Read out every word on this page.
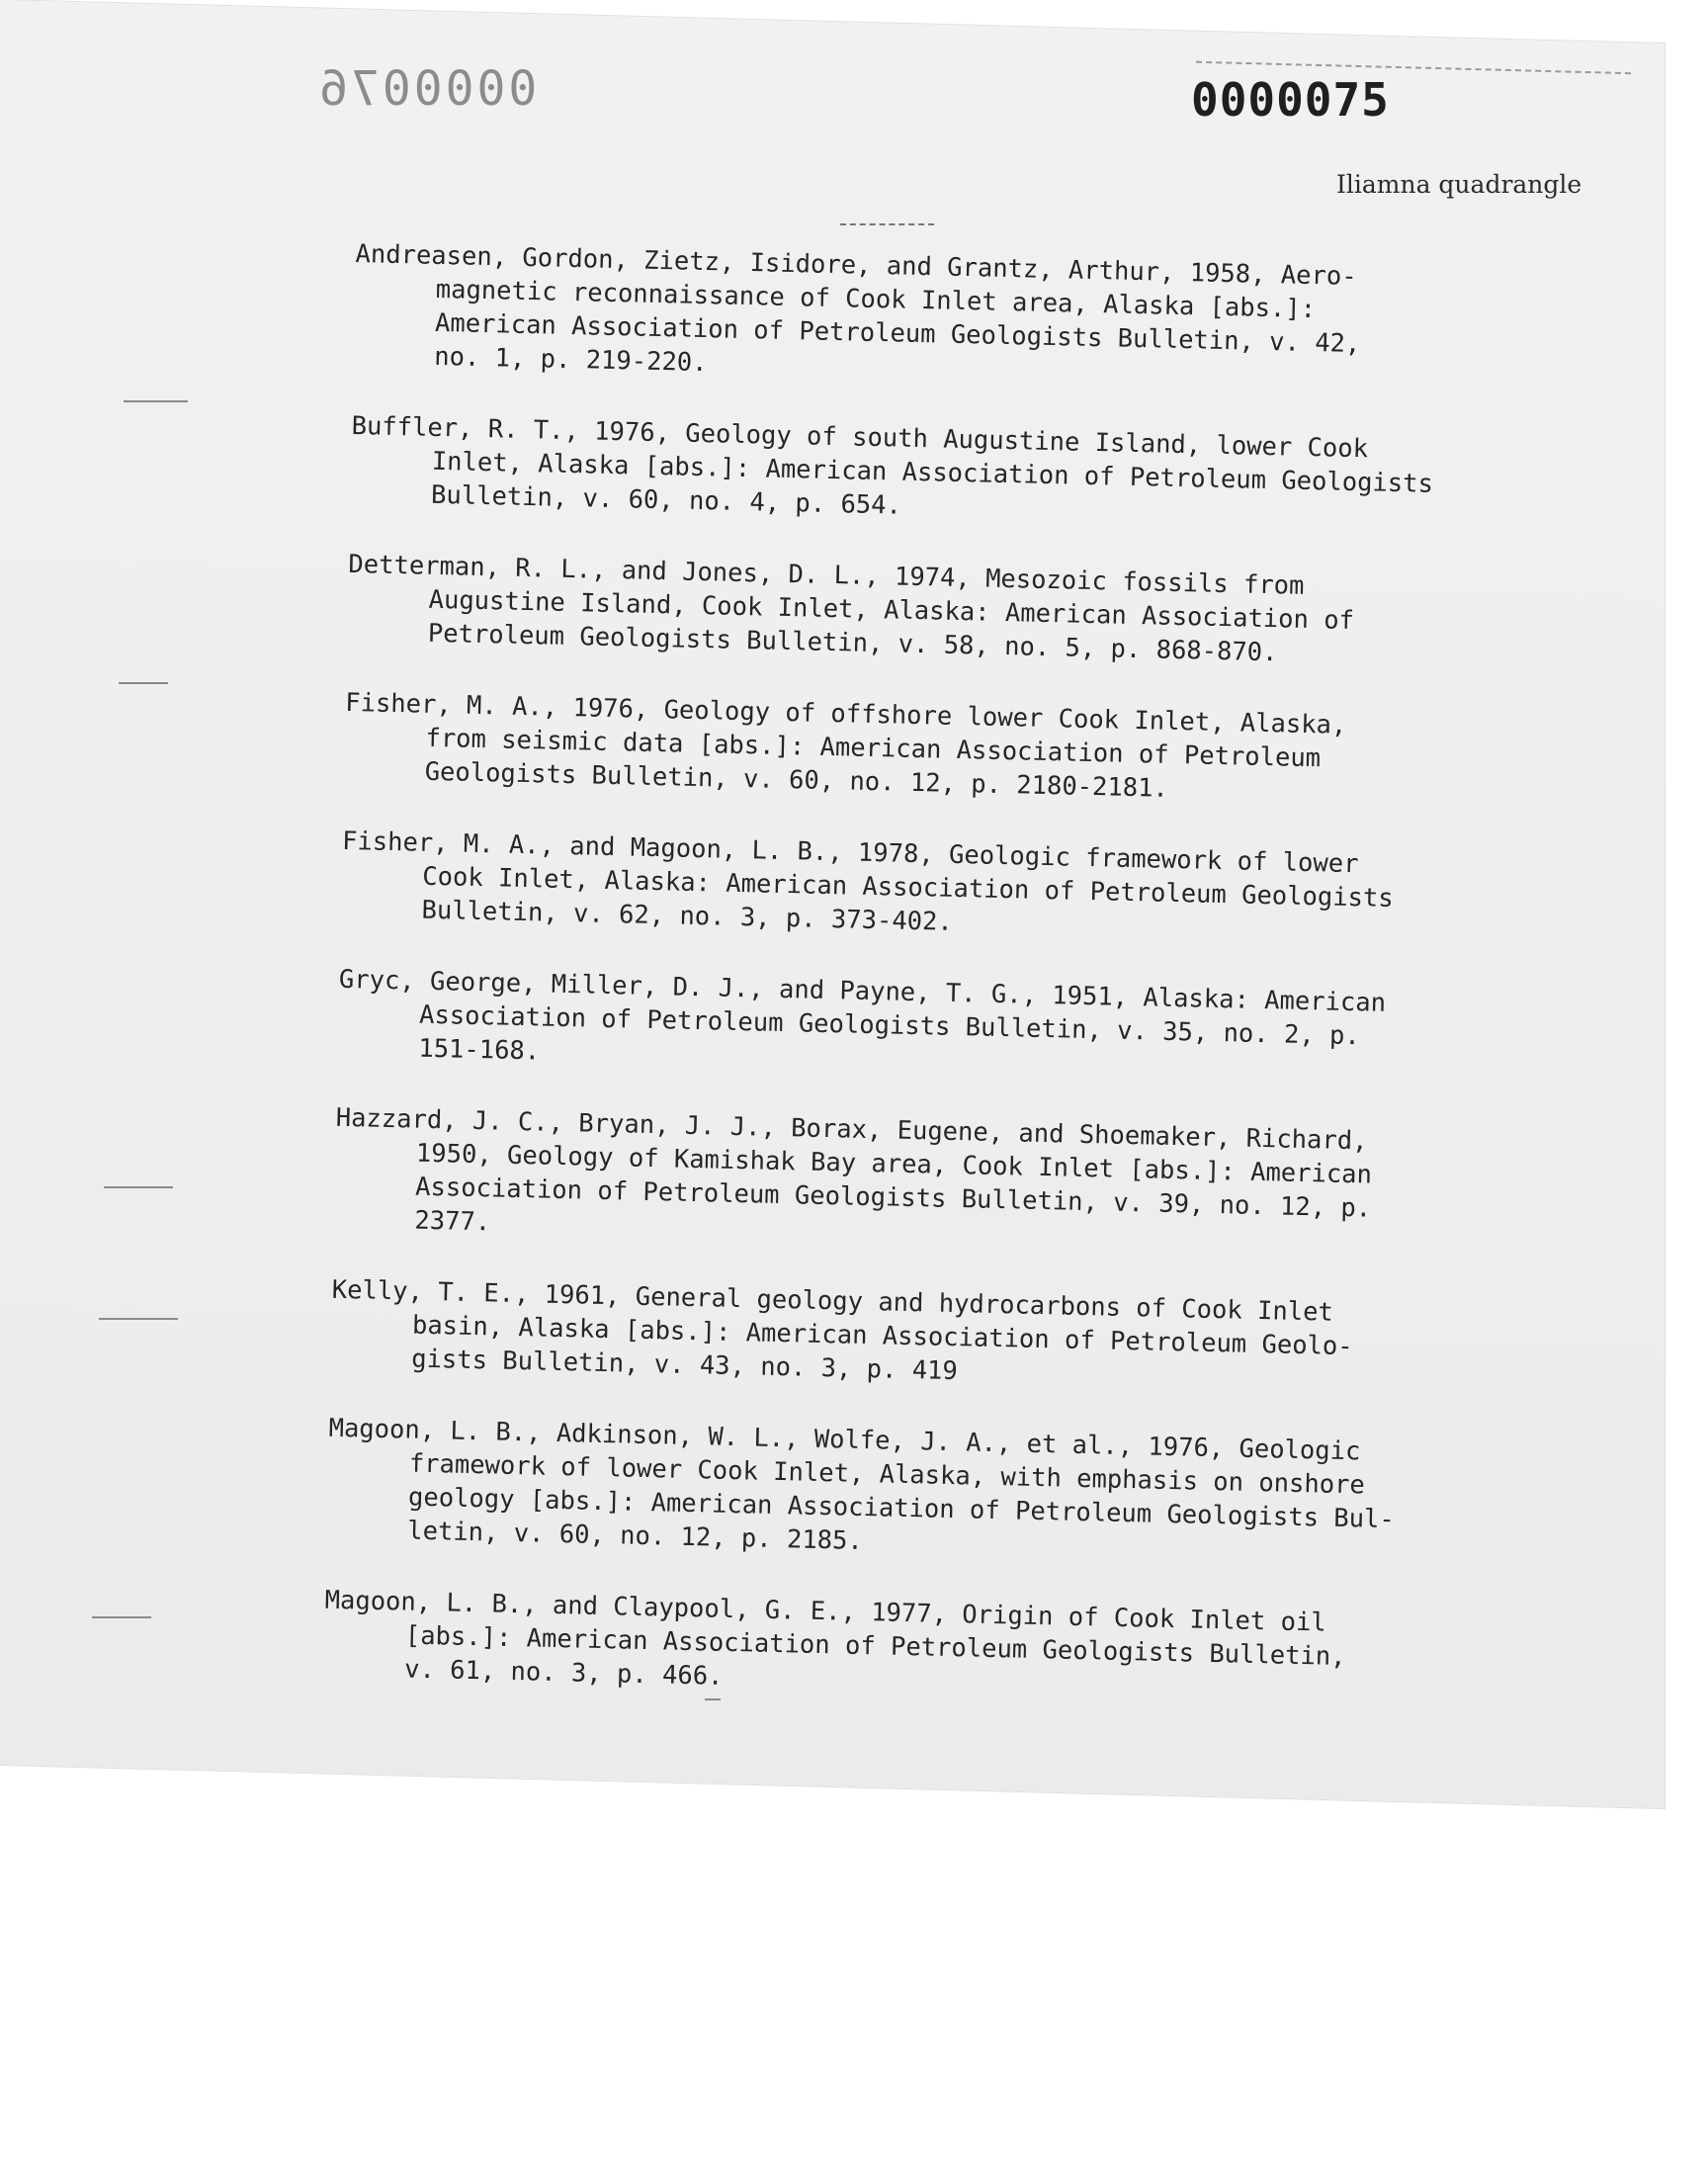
0000076	0000075
Iliamna quadrangle
Andreasen, Gordon, Zietz, Isidore, and Grantz, Arthur, 1958, Aero-
magnetic reconnaissance of Cook Inlet area, Alaska [abs.]:
American Association of Petroleum Geologists Bulletin, v. 42,
no. 1, p. 219-220.
Buffler, R. T., 1976, Geology of south Augustine Island, lower Cook
Inlet, Alaska [abs.]: American Association of Petroleum Geologists
Bulletin, v. 60, no. 4, p. 654.
Detterman, R. L., and Jones, D. L., 1974, Mesozoic fossils from
Augustine Island, Cook Inlet, Alaska: American Association of
Petroleum Geologists Bulletin, v. 58, no. 5, p. 868-870.
Fisher, M. A., 1976, Geology of offshore lower Cook Inlet, Alaska,
from seismic data [abs.]: American Association of Petroleum
Geologists Bulletin, v. 60, no. 12, p. 2180-2181.
Fisher, M. A., and Magoon, L. B., 1978, Geologic framework of lower
Cook Inlet, Alaska: American Association of Petroleum Geologists
Bulletin, v. 62, no. 3, p. 373-402.
Gryc, George, Miller, D. J., and Payne, T. G., 1951, Alaska: American
Association of Petroleum Geologists Bulletin, v. 35, no. 2, p.
151-168.
Hazzard, J. C., Bryan, J. J., Borax, Eugene, and Shoemaker, Richard,
1950, Geology of Kamishak Bay area, Cook Inlet [abs.]: American
Association of Petroleum Geologists Bulletin, v. 39, no. 12, p.
2377.
Kelly, T. E., 1961, General geology and hydrocarbons of Cook Inlet
basin, Alaska [abs.]: American Association of Petroleum Geolo-
gists Bulletin, v. 43, no. 3, p. 419
Magoon, L. B., Adkinson, W. L., Wolfe, J. A., et al., 1976, Geologic
framework of lower Cook Inlet, Alaska, with emphasis on onshore
geology [abs.]: American Association of Petroleum Geologists Bul-
letin, v. 60, no. 12, p. 2185.
Magoon, L. B., and Claypool, G. E., 1977, Origin of Cook Inlet oil
[abs.]: American Association of Petroleum Geologists Bulletin,
v. 61, no. 3, p. 466.
